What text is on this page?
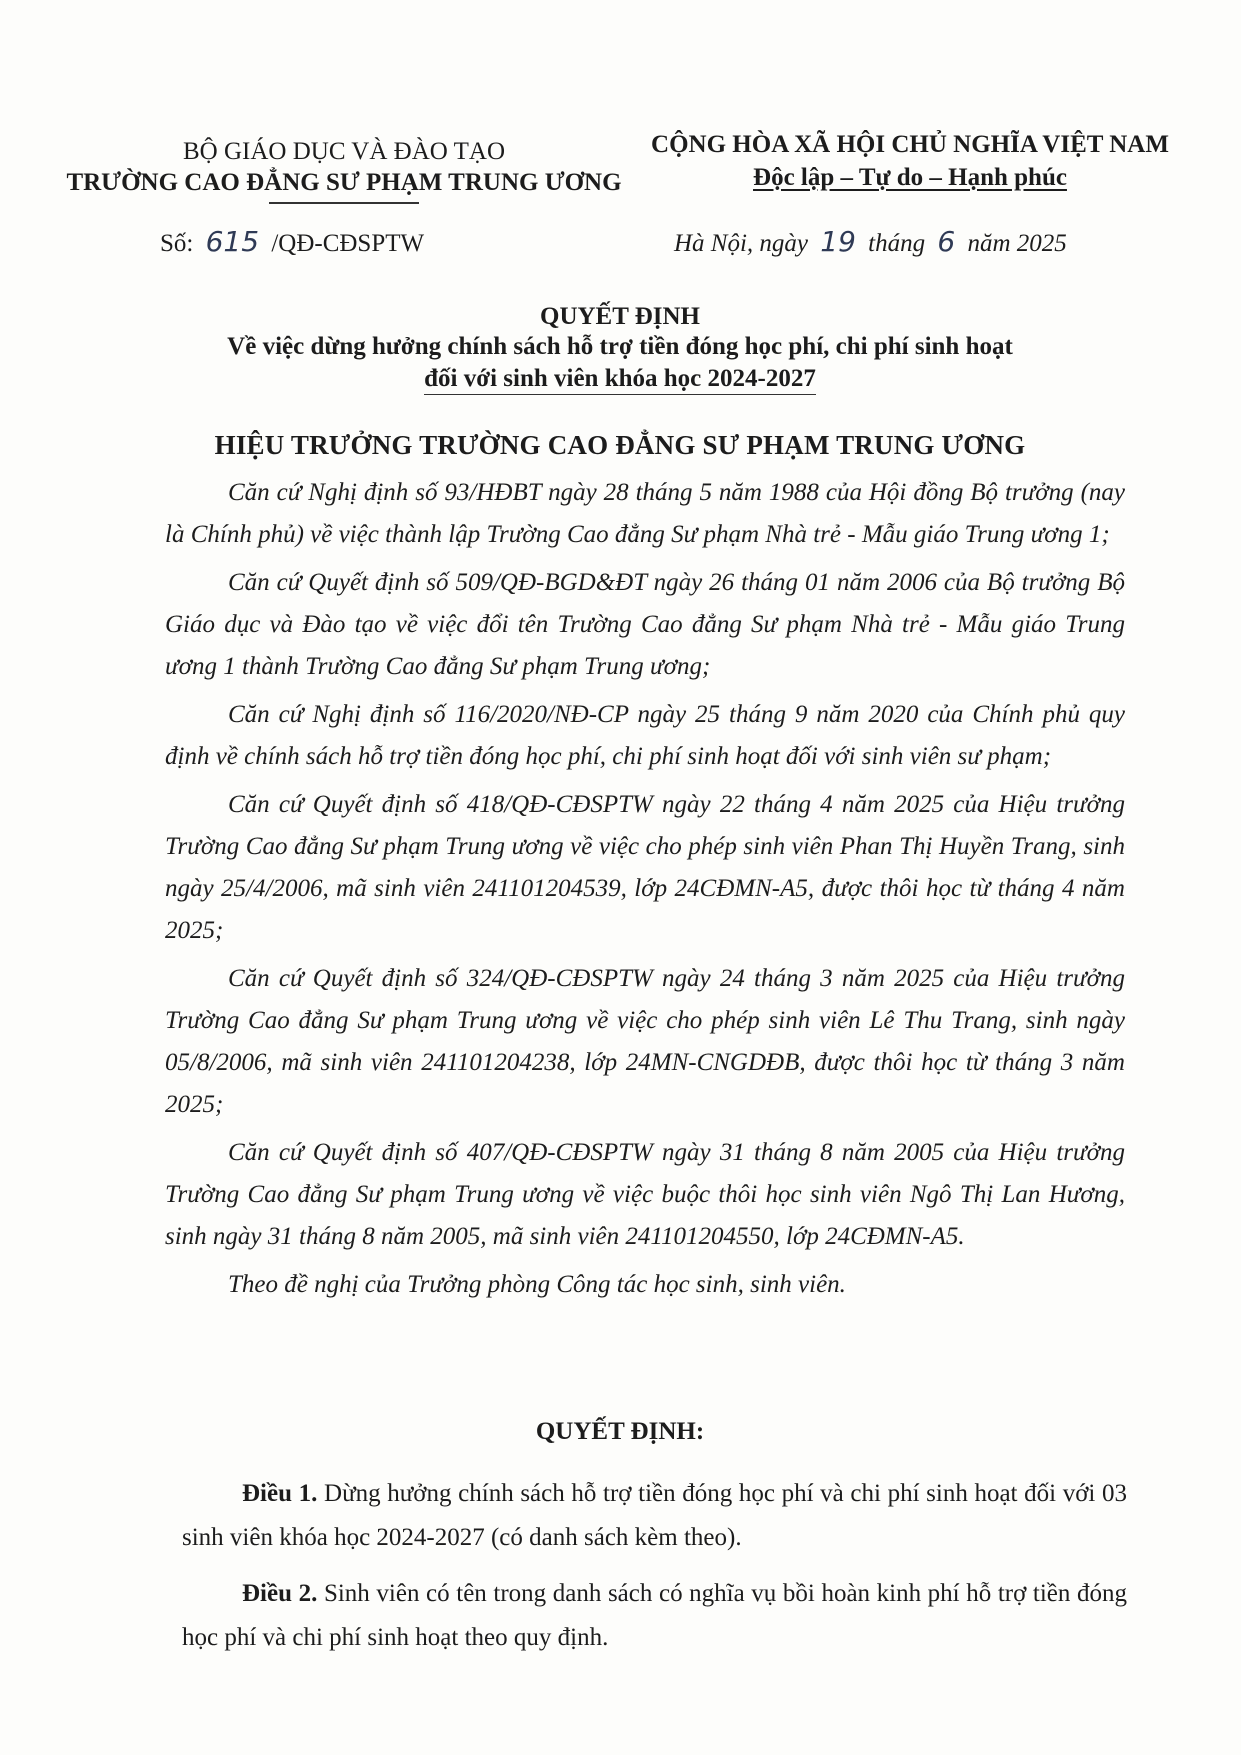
BỘ GIÁO DỤC VÀ ĐÀO TẠO
TRƯỜNG CAO ĐẲNG SƯ PHẠM TRUNG ƯƠNG
CỘNG HÒA XÃ HỘI CHỦ NGHĨA VIỆT NAM
Độc lập – Tự do – Hạnh phúc
Số: 615 /QĐ-CĐSPTW	Hà Nội, ngày 19 tháng 6 năm 2025
QUYẾT ĐỊNH
Về việc dừng hưởng chính sách hỗ trợ tiền đóng học phí, chi phí sinh hoạt
đối với sinh viên khóa học 2024-2027
HIỆU TRƯỞNG TRƯỜNG CAO ĐẲNG SƯ PHẠM TRUNG ƯƠNG

Căn cứ Nghị định số 93/HĐBT ngày 28 tháng 5 năm 1988 của Hội đồng Bộ trưởng (nay là Chính phủ) về việc thành lập Trường Cao đẳng Sư phạm Nhà trẻ - Mẫu giáo Trung ương 1;

Căn cứ Quyết định số 509/QĐ-BGD&ĐT ngày 26 tháng 01 năm 2006 của Bộ trưởng Bộ Giáo dục và Đào tạo về việc đổi tên Trường Cao đẳng Sư phạm Nhà trẻ - Mẫu giáo Trung ương 1 thành Trường Cao đẳng Sư phạm Trung ương;

Căn cứ Nghị định số 116/2020/NĐ-CP ngày 25 tháng 9 năm 2020 của Chính phủ quy định về chính sách hỗ trợ tiền đóng học phí, chi phí sinh hoạt đối với sinh viên sư phạm;

Căn cứ Quyết định số 418/QĐ-CĐSPTW ngày 22 tháng 4 năm 2025 của Hiệu trưởng Trường Cao đẳng Sư phạm Trung ương về việc cho phép sinh viên Phan Thị Huyền Trang, sinh ngày 25/4/2006, mã sinh viên 241101204539, lớp 24CĐMN-A5, được thôi học từ tháng 4 năm 2025;

Căn cứ Quyết định số 324/QĐ-CĐSPTW ngày 24 tháng 3 năm 2025 của Hiệu trưởng Trường Cao đẳng Sư phạm Trung ương về việc cho phép sinh viên Lê Thu Trang, sinh ngày 05/8/2006, mã sinh viên 241101204238, lớp 24MN-CNGDĐB, được thôi học từ tháng 3 năm 2025;

Căn cứ Quyết định số 407/QĐ-CĐSPTW ngày 31 tháng 8 năm 2005 của Hiệu trưởng Trường Cao đẳng Sư phạm Trung ương về việc buộc thôi học sinh viên Ngô Thị Lan Hương, sinh ngày 31 tháng 8 năm 2005, mã sinh viên 241101204550, lớp 24CĐMN-A5.

Theo đề nghị của Trưởng phòng Công tác học sinh, sinh viên.

QUYẾT ĐỊNH:

Điều 1. Dừng hưởng chính sách hỗ trợ tiền đóng học phí và chi phí sinh hoạt đối với 03 sinh viên khóa học 2024-2027 (có danh sách kèm theo).

Điều 2. Sinh viên có tên trong danh sách có nghĩa vụ bồi hoàn kinh phí hỗ trợ tiền đóng học phí và chi phí sinh hoạt theo quy định.
